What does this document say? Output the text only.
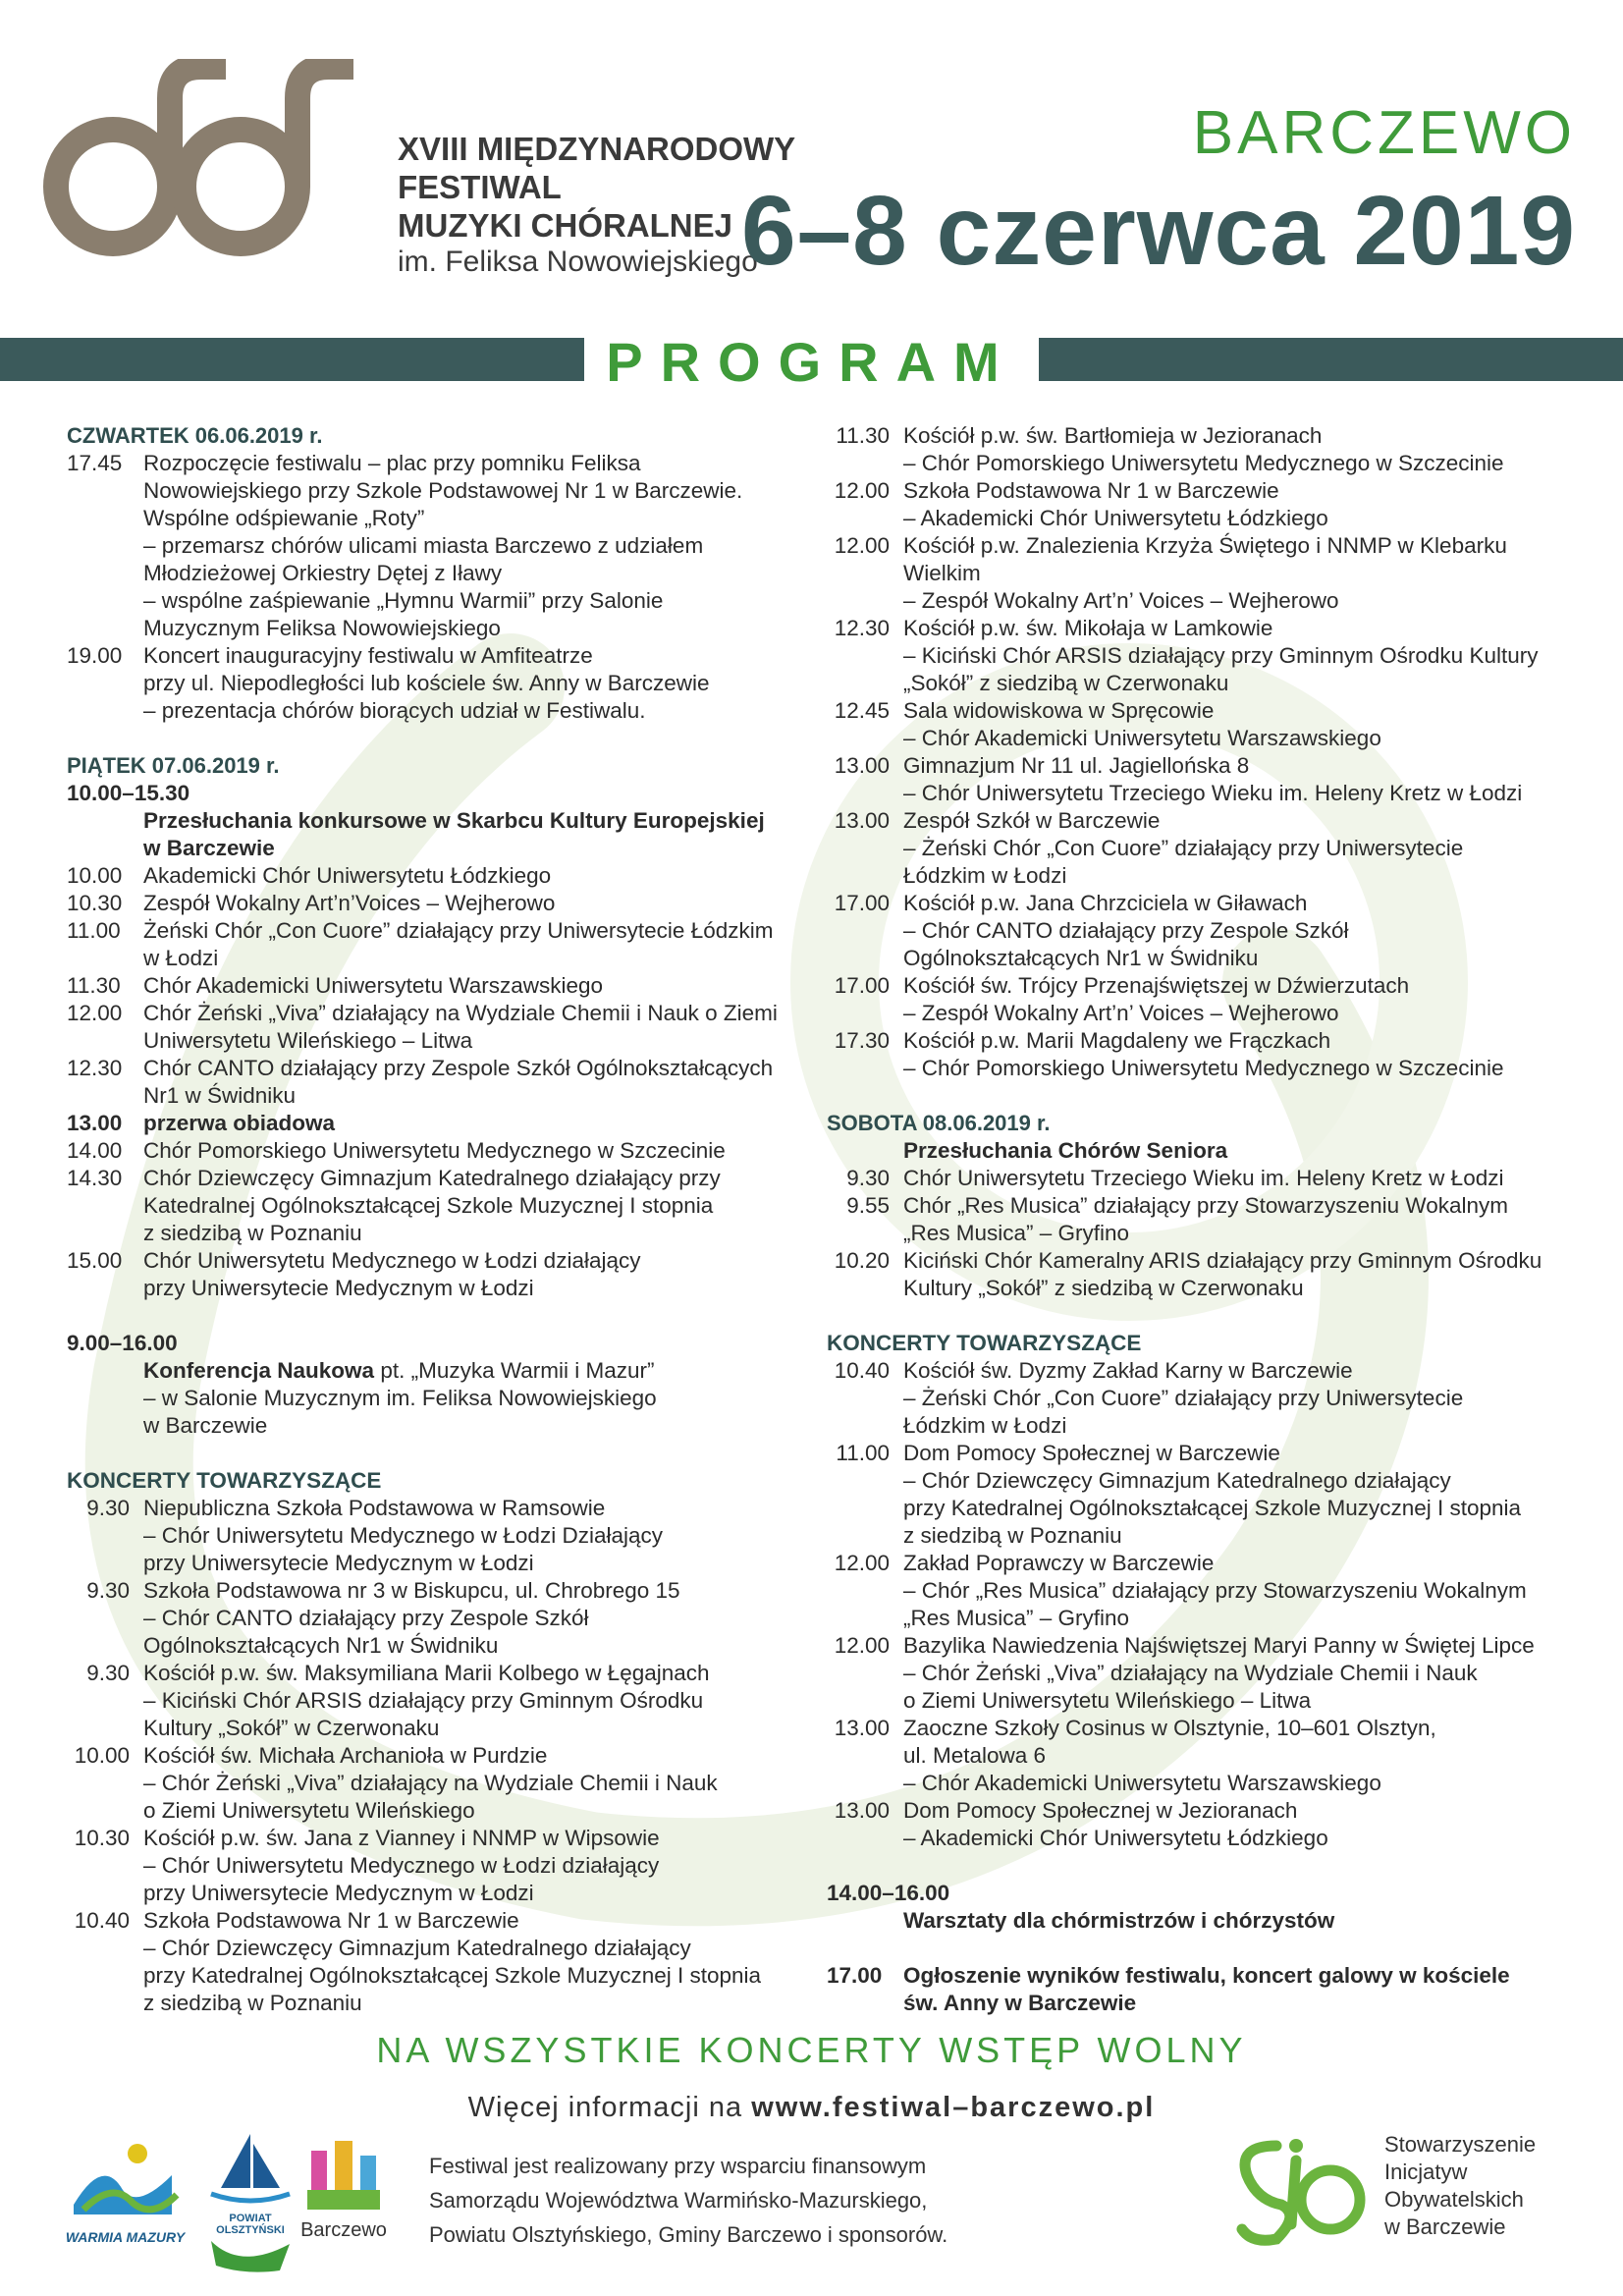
XVIII MIĘDZYNARODOWY
FESTIWAL
MUZYKI CHÓRALNEJ
im. Feliksa Nowowiejskiego
BARCZEWO
6–8 czerwca 2019
PROGRAM
CZWARTEK 06.06.2019 r.
17.45 Rozpoczęcie festiwalu – plac przy pomniku Feliksa
Nowowiejskiego przy Szkole Podstawowej Nr 1 w Barczewie.
Wspólne odśpiewanie „Roty”
– przemarsz chórów ulicami miasta Barczewo z udziałem
Młodzieżowej Orkiestry Dętej z Iławy
– wspólne zaśpiewanie „Hymnu Warmii” przy Salonie
Muzycznym Feliksa Nowowiejskiego
19.00 Koncert inauguracyjny festiwalu w Amfiteatrze
przy ul. Niepodległości lub kościele św. Anny w Barczewie
– prezentacja chórów biorących udział w Festiwalu.
PIĄTEK 07.06.2019 r.
10.00–15.30
Przesłuchania konkursowe w Skarbcu Kultury Europejskiej
w Barczewie
10.00 Akademicki Chór Uniwersytetu Łódzkiego
10.30 Zespół Wokalny Art’n’Voices – Wejherowo
11.00	Żeński Chór „Con Cuore” działający przy Uniwersytecie Łódzkim
w Łodzi
11.30	Chór Akademicki Uniwersytetu Warszawskiego
12.00 Chór Żeński „Viva” działający na Wydziale Chemii i Nauk o Ziemi
Uniwersytetu Wileńskiego – Litwa
12.30 Chór CANTO działający przy Zespole Szkół Ogólnokształcących
Nr1 w Świdniku
13.00 przerwa obiadowa
14.00 Chór Pomorskiego Uniwersytetu Medycznego w Szczecinie
14.30 Chór Dziewczęcy Gimnazjum Katedralnego działający przy
Katedralnej Ogólnokształcącej Szkole Muzycznej I stopnia
z siedzibą w Poznaniu
15.00 Chór Uniwersytetu Medycznego w Łodzi działający
przy Uniwersytecie Medycznym w Łodzi
9.00–16.00
Konferencja Naukowa pt. „Muzyka Warmii i Mazur”
– w Salonie Muzycznym im. Feliksa Nowowiejskiego
w Barczewie
KONCERTY TOWARZYSZĄCE
9.30 Niepubliczna Szkoła Podstawowa w Ramsowie
– Chór Uniwersytetu Medycznego w Łodzi Działający
przy Uniwersytecie Medycznym w Łodzi
9.30 Szkoła Podstawowa nr 3 w Biskupcu, ul. Chrobrego 15
– Chór CANTO działający przy Zespole Szkół
Ogólnokształcących Nr1 w Świdniku
9.30 Kościół p.w. św. Maksymiliana Marii Kolbego w Łęgajnach
– Kiciński Chór ARSIS działający przy Gminnym Ośrodku
Kultury „Sokół” w Czerwonaku
10.00 Kościół św. Michała Archanioła w Purdzie
– Chór Żeński „Viva” działający na Wydziale Chemii i Nauk
o Ziemi Uniwersytetu Wileńskiego
10.30 Kościół p.w. św. Jana z Vianney i NNMP w Wipsowie
– Chór Uniwersytetu Medycznego w Łodzi działający
przy Uniwersytecie Medycznym w Łodzi
10.40 Szkoła Podstawowa Nr 1 w Barczewie
– Chór Dziewczęcy Gimnazjum Katedralnego działający
przy Katedralnej Ogólnokształcącej Szkole Muzycznej I stopnia
z siedzibą w Poznaniu
11.30 Kościół p.w. św. Bartłomieja w Jezioranach
– Chór Pomorskiego Uniwersytetu Medycznego w Szczecinie
12.00 Szkoła Podstawowa Nr 1 w Barczewie
– Akademicki Chór Uniwersytetu Łódzkiego
12.00 Kościół p.w. Znalezienia Krzyża Świętego i NNMP w Klebarku
Wielkim
– Zespół Wokalny Art’n’ Voices – Wejherowo
12.30 Kościół p.w. św. Mikołaja w Lamkowie
– Kiciński Chór ARSIS działający przy Gminnym Ośrodku Kultury
„Sokół” z siedzibą w Czerwonaku
12.45 Sala widowiskowa w Spręcowie
– Chór Akademicki Uniwersytetu Warszawskiego
13.00 Gimnazjum Nr 11 ul. Jagiellońska 8
– Chór Uniwersytetu Trzeciego Wieku im. Heleny Kretz w Łodzi
13.00 Zespół Szkół w Barczewie
– Żeński Chór „Con Cuore” działający przy Uniwersytecie
Łódzkim w Łodzi
17.00 Kościół p.w. Jana Chrzciciela w Giławach
– Chór CANTO działający przy Zespole Szkół
Ogólnokształcących Nr1 w Świdniku
17.00 Kościół św. Trójcy Przenajświętszej w Dźwierzutach
– Zespół Wokalny Art’n’ Voices – Wejherowo
17.30 Kościół p.w. Marii Magdaleny we Frączkach
– Chór Pomorskiego Uniwersytetu Medycznego w Szczecinie
SOBOTA 08.06.2019 r.
Przesłuchania Chórów Seniora
9.30 Chór Uniwersytetu Trzeciego Wieku im. Heleny Kretz w Łodzi
9.55 Chór „Res Musica” działający przy Stowarzyszeniu Wokalnym
„Res Musica” – Gryfino
10.20 Kiciński Chór Kameralny ARIS działający przy Gminnym Ośrodku
Kultury „Sokół” z siedzibą w Czerwonaku
KONCERTY TOWARZYSZĄCE
10.40 Kościół św. Dyzmy Zakład Karny w Barczewie
– Żeński Chór „Con Cuore” działający przy Uniwersytecie
Łódzkim w Łodzi
11.00 Dom Pomocy Społecznej w Barczewie
– Chór Dziewczęcy Gimnazjum Katedralnego działający
przy Katedralnej Ogólnokształcącej Szkole Muzycznej I stopnia
z siedzibą w Poznaniu
12.00 Zakład Poprawczy w Barczewie
– Chór „Res Musica” działający przy Stowarzyszeniu Wokalnym
„Res Musica” – Gryfino
12.00 Bazylika Nawiedzenia Najświętszej Maryi Panny w Świętej Lipce
– Chór Żeński „Viva” działający na Wydziale Chemii i Nauk
o Ziemi Uniwersytetu Wileńskiego – Litwa
13.00 Zaoczne Szkoły Cosinus w Olsztynie, 10–601 Olsztyn,
ul. Metalowa 6
– Chór Akademicki Uniwersytetu Warszawskiego
13.00 Dom Pomocy Społecznej w Jezioranach
– Akademicki Chór Uniwersytetu Łódzkiego
14.00–16.00
Warsztaty dla chórmistrzów i chórzystów
17.00 Ogłoszenie wyników festiwalu, koncert galowy w kościele
św. Anny w Barczewie
NA WSZYSTKIE KONCERTY WSTĘP WOLNY
Więcej informacji na www.festiwal–barczewo.pl
WARMIA MAZURY
POWIAT OLSZTYŃSKI Barczewo
Festiwal jest realizowany przy wsparciu finansowym
Samorządu Województwa Warmińsko-Mazurskiego,
Powiatu Olsztyńskiego, Gminy Barczewo i sponsorów.
Stowarzyszenie
Inicjatyw
Obywatelskich
w Barczewie
